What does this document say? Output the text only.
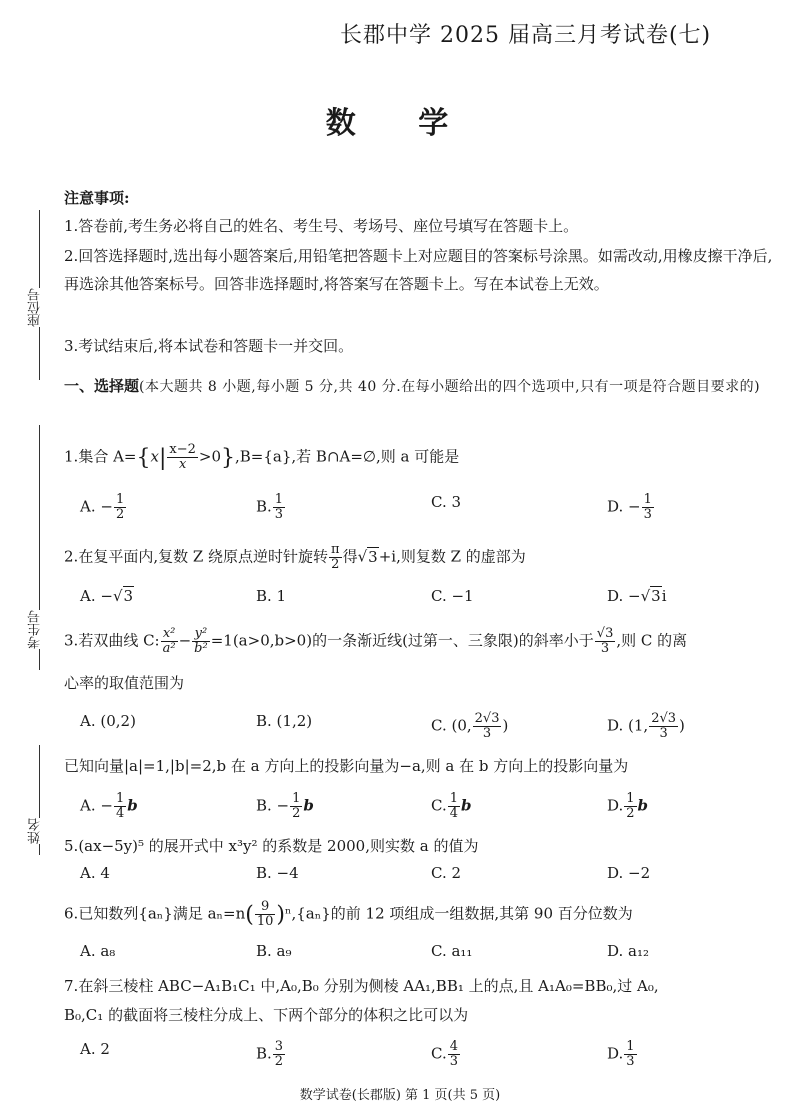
座位号
考生号
姓名
长郡中学 2025 届高三月考试卷(七)
数 学
注意事项:
1.答卷前,考生务必将自己的姓名、考生号、考场号、座位号填写在答题卡上。
2.回答选择题时,选出每小题答案后,用铅笔把答题卡上对应题目的答案标号涂黑。如需改动,用橡皮擦干净后,再选涂其他答案标号。回答非选择题时,将答案写在答题卡上。写在本试卷上无效。
3.考试结束后,将本试卷和答题卡一并交回。
一、选择题(本大题共 8 小题,每小题 5 分,共 40 分.在每小题给出的四个选项中,只有一项是符合题目要求的)
1.集合 $A=\{x| \frac{x-2}{x} >0\},B=\{a\}$,若 B∩A=∅,则 a 可能是
A. − $\frac{1}{2}$	B. $\frac{1}{3}$	C. 3	D. − $\frac{1}{3}$
2.在复平面内,复数 Z 绕原点逆时针旋转 $\frac{\pi}{2}$ 得√3+i,则复数 Z 的虚部为
A. −√3	B. 1	C. −1	D. −√3i
3.若双曲线 C: $\frac{\text{x²}}{\text{a²}} - \frac{\text{y²}}{\text{b²}} =1(a>0,b>0)$的一条渐近线(过第一、三象限)的斜率小于 $\frac{√3}{3}$ ,则 C 的离
心率的取值范围为
A. (0,2)	B. (1,2)	C. (0, $\frac{2√3}{3}$ )	D. (1, $\frac{2√3}{3}$ )
已知向量|a|=1,|b|=2,b 在 a 方向上的投影向量为−a,则 a 在 b 方向上的投影向量为
A. − $\frac{1}{4}$ b	B. − $\frac{1}{2}$ b	C. $\frac{1}{4}$ b	D. $\frac{1}{2}$ b
5.(ax−5y)⁵ 的展开式中 x³y² 的系数是 2000,则实数 a 的值为
A. 4	B. −4	C. 2	D. −2
6.已知数列{aₙ}满足 $a_n=n( \frac{9}{10} )^n,\{a_n\}$的前 12 项组成一组数据,其第 90 百分位数为
A. a₈	B. a₉	C. a₁₁	D. a₁₂
7.在斜三棱柱 ABC−A₁B₁C₁ 中,A₀,B₀ 分别为侧棱 AA₁,BB₁ 上的点,且 A₁A₀=BB₀,过 A₀,
B₀,C₁ 的截面将三棱柱分成上、下两个部分的体积之比可以为
A. 2	B. $\frac{3}{2}$	C. $\frac{4}{3}$	D. $\frac{1}{3}$
数学试卷(长郡版) 第 1 页(共 5 页)
